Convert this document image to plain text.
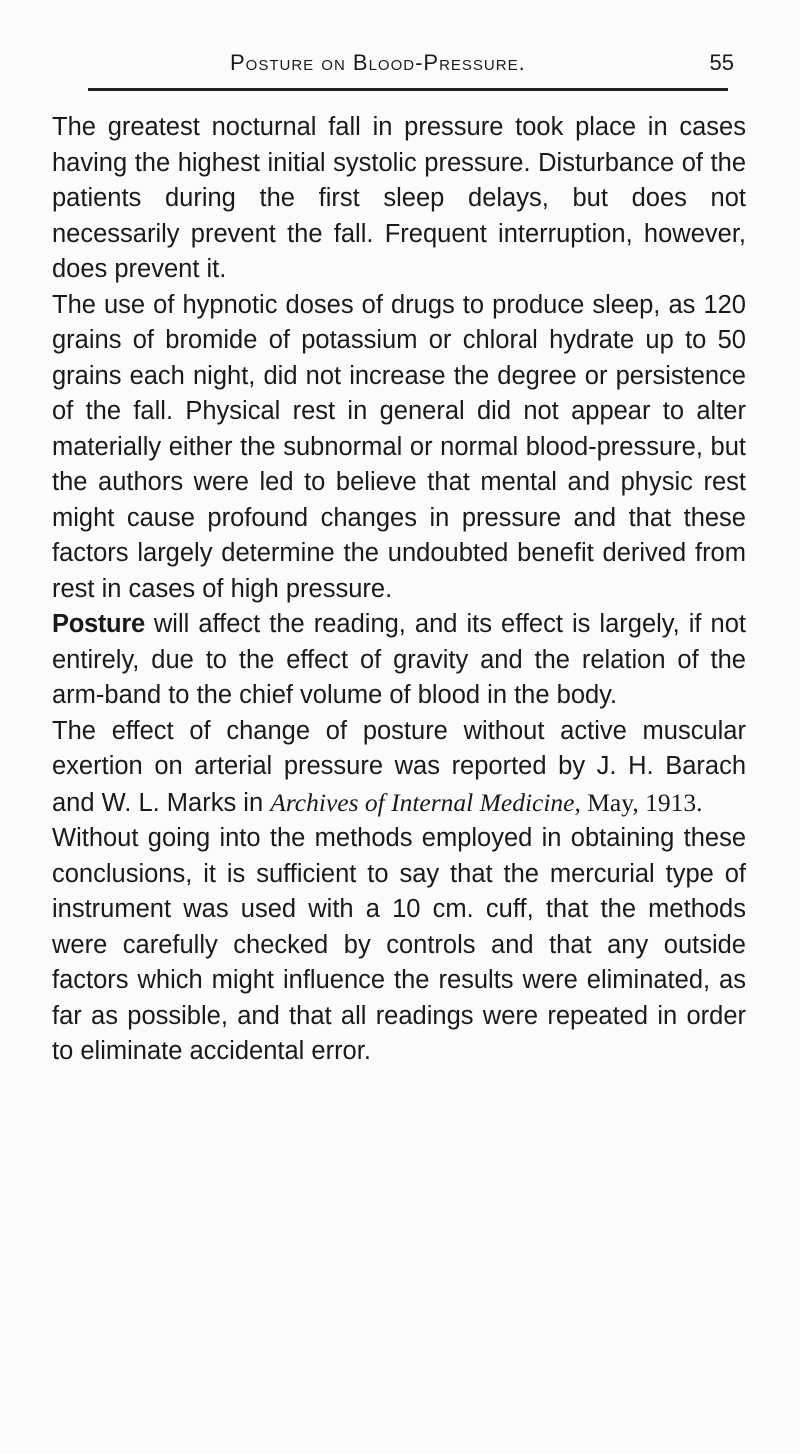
Posture on Blood-Pressure.	55

The greatest nocturnal fall in pressure took place in cases having the highest initial systolic pressure. Disturbance of the patients during the first sleep delays, but does not necessarily prevent the fall. Frequent interruption, however, does prevent it.

The use of hypnotic doses of drugs to produce sleep, as 120 grains of bromide of potassium or chloral hydrate up to 50 grains each night, did not increase the degree or persistence of the fall. Physical rest in general did not appear to alter materially either the subnormal or normal blood-pressure, but the authors were led to believe that mental and physic rest might cause profound changes in pressure and that these factors largely determine the undoubted benefit derived from rest in cases of high pressure.

Posture will affect the reading, and its effect is largely, if not entirely, due to the effect of gravity and the relation of the arm-band to the chief volume of blood in the body.

The effect of change of posture without active muscular exertion on arterial pressure was reported by J. H. Barach and W. L. Marks in Archives of Internal Medicine, May, 1913.

Without going into the methods employed in obtaining these conclusions, it is sufficient to say that the mercurial type of instrument was used with a 10 cm. cuff, that the methods were carefully checked by controls and that any outside factors which might influence the results were eliminated, as far as possible, and that all readings were repeated in order to eliminate accidental error.
